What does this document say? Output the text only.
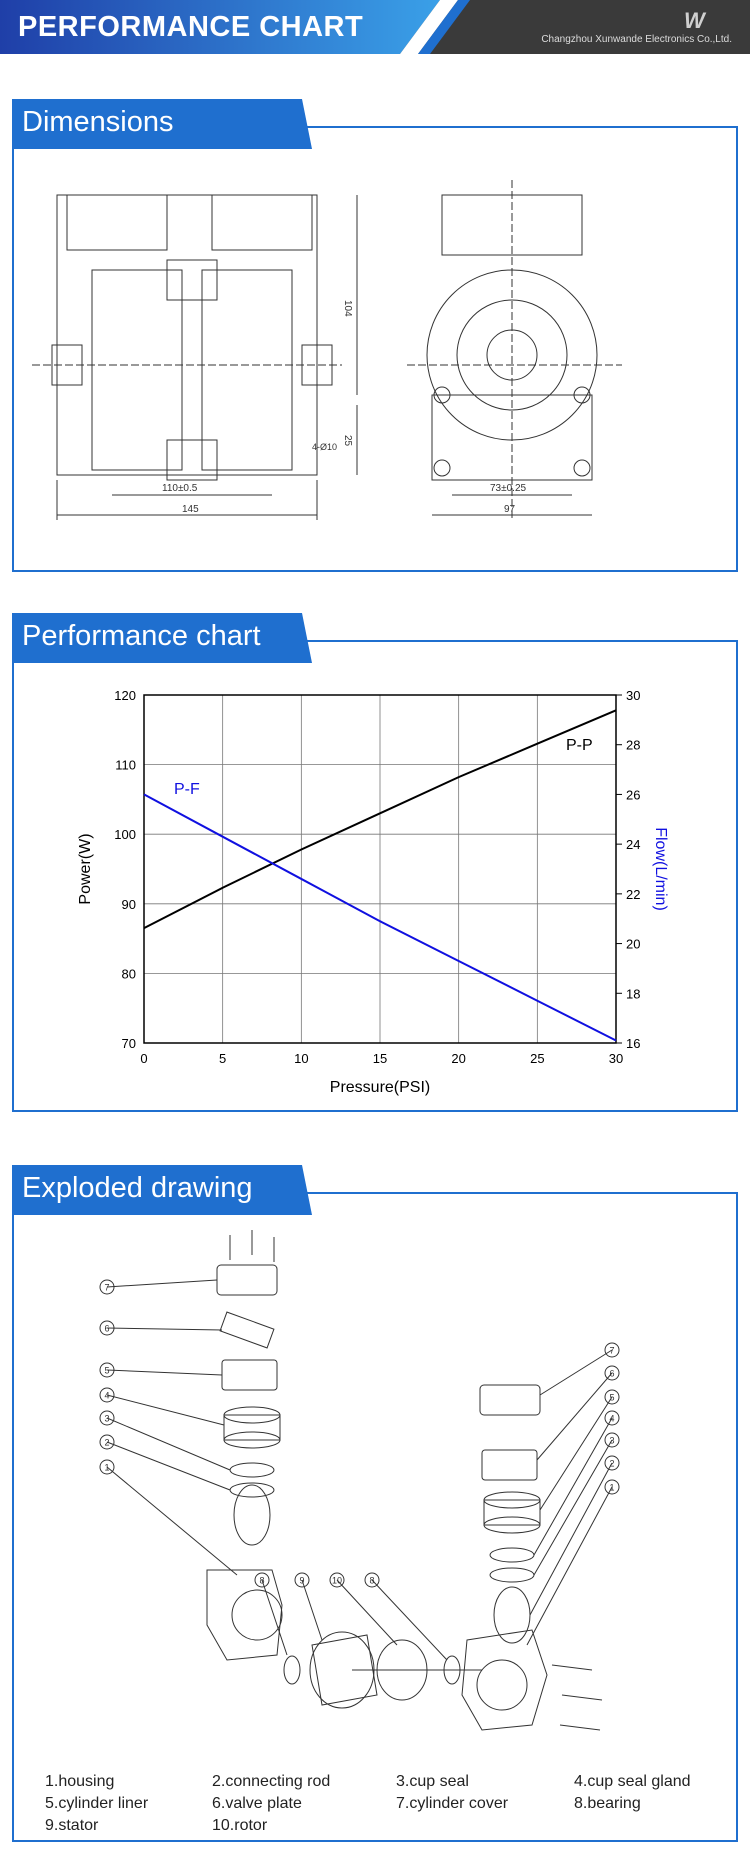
PERFORMANCE CHART	W
Changzhou Xunwande Electronics Co.,Ltd.
Dimensions
110±0.5
145
4-Ø10
73±0.25
97
104
25
Performance chart
0	5	10	15	20	25	30
70
80
90
100
110
120
16
18
20
22
24
26
28
30
Pressure(PSI)
Power(W)	Flow(L/min)
P-P
P-F
Exploded drawing
7
6
5
4
3
2
1
7
6
5
4
3
2
1
8	9	10	8
1.housing	2.connecting rod	3.cup seal	4.cup seal gland
5.cylinder liner	6.valve plate	7.cylinder cover	8.bearing
9.stator	10.rotor
